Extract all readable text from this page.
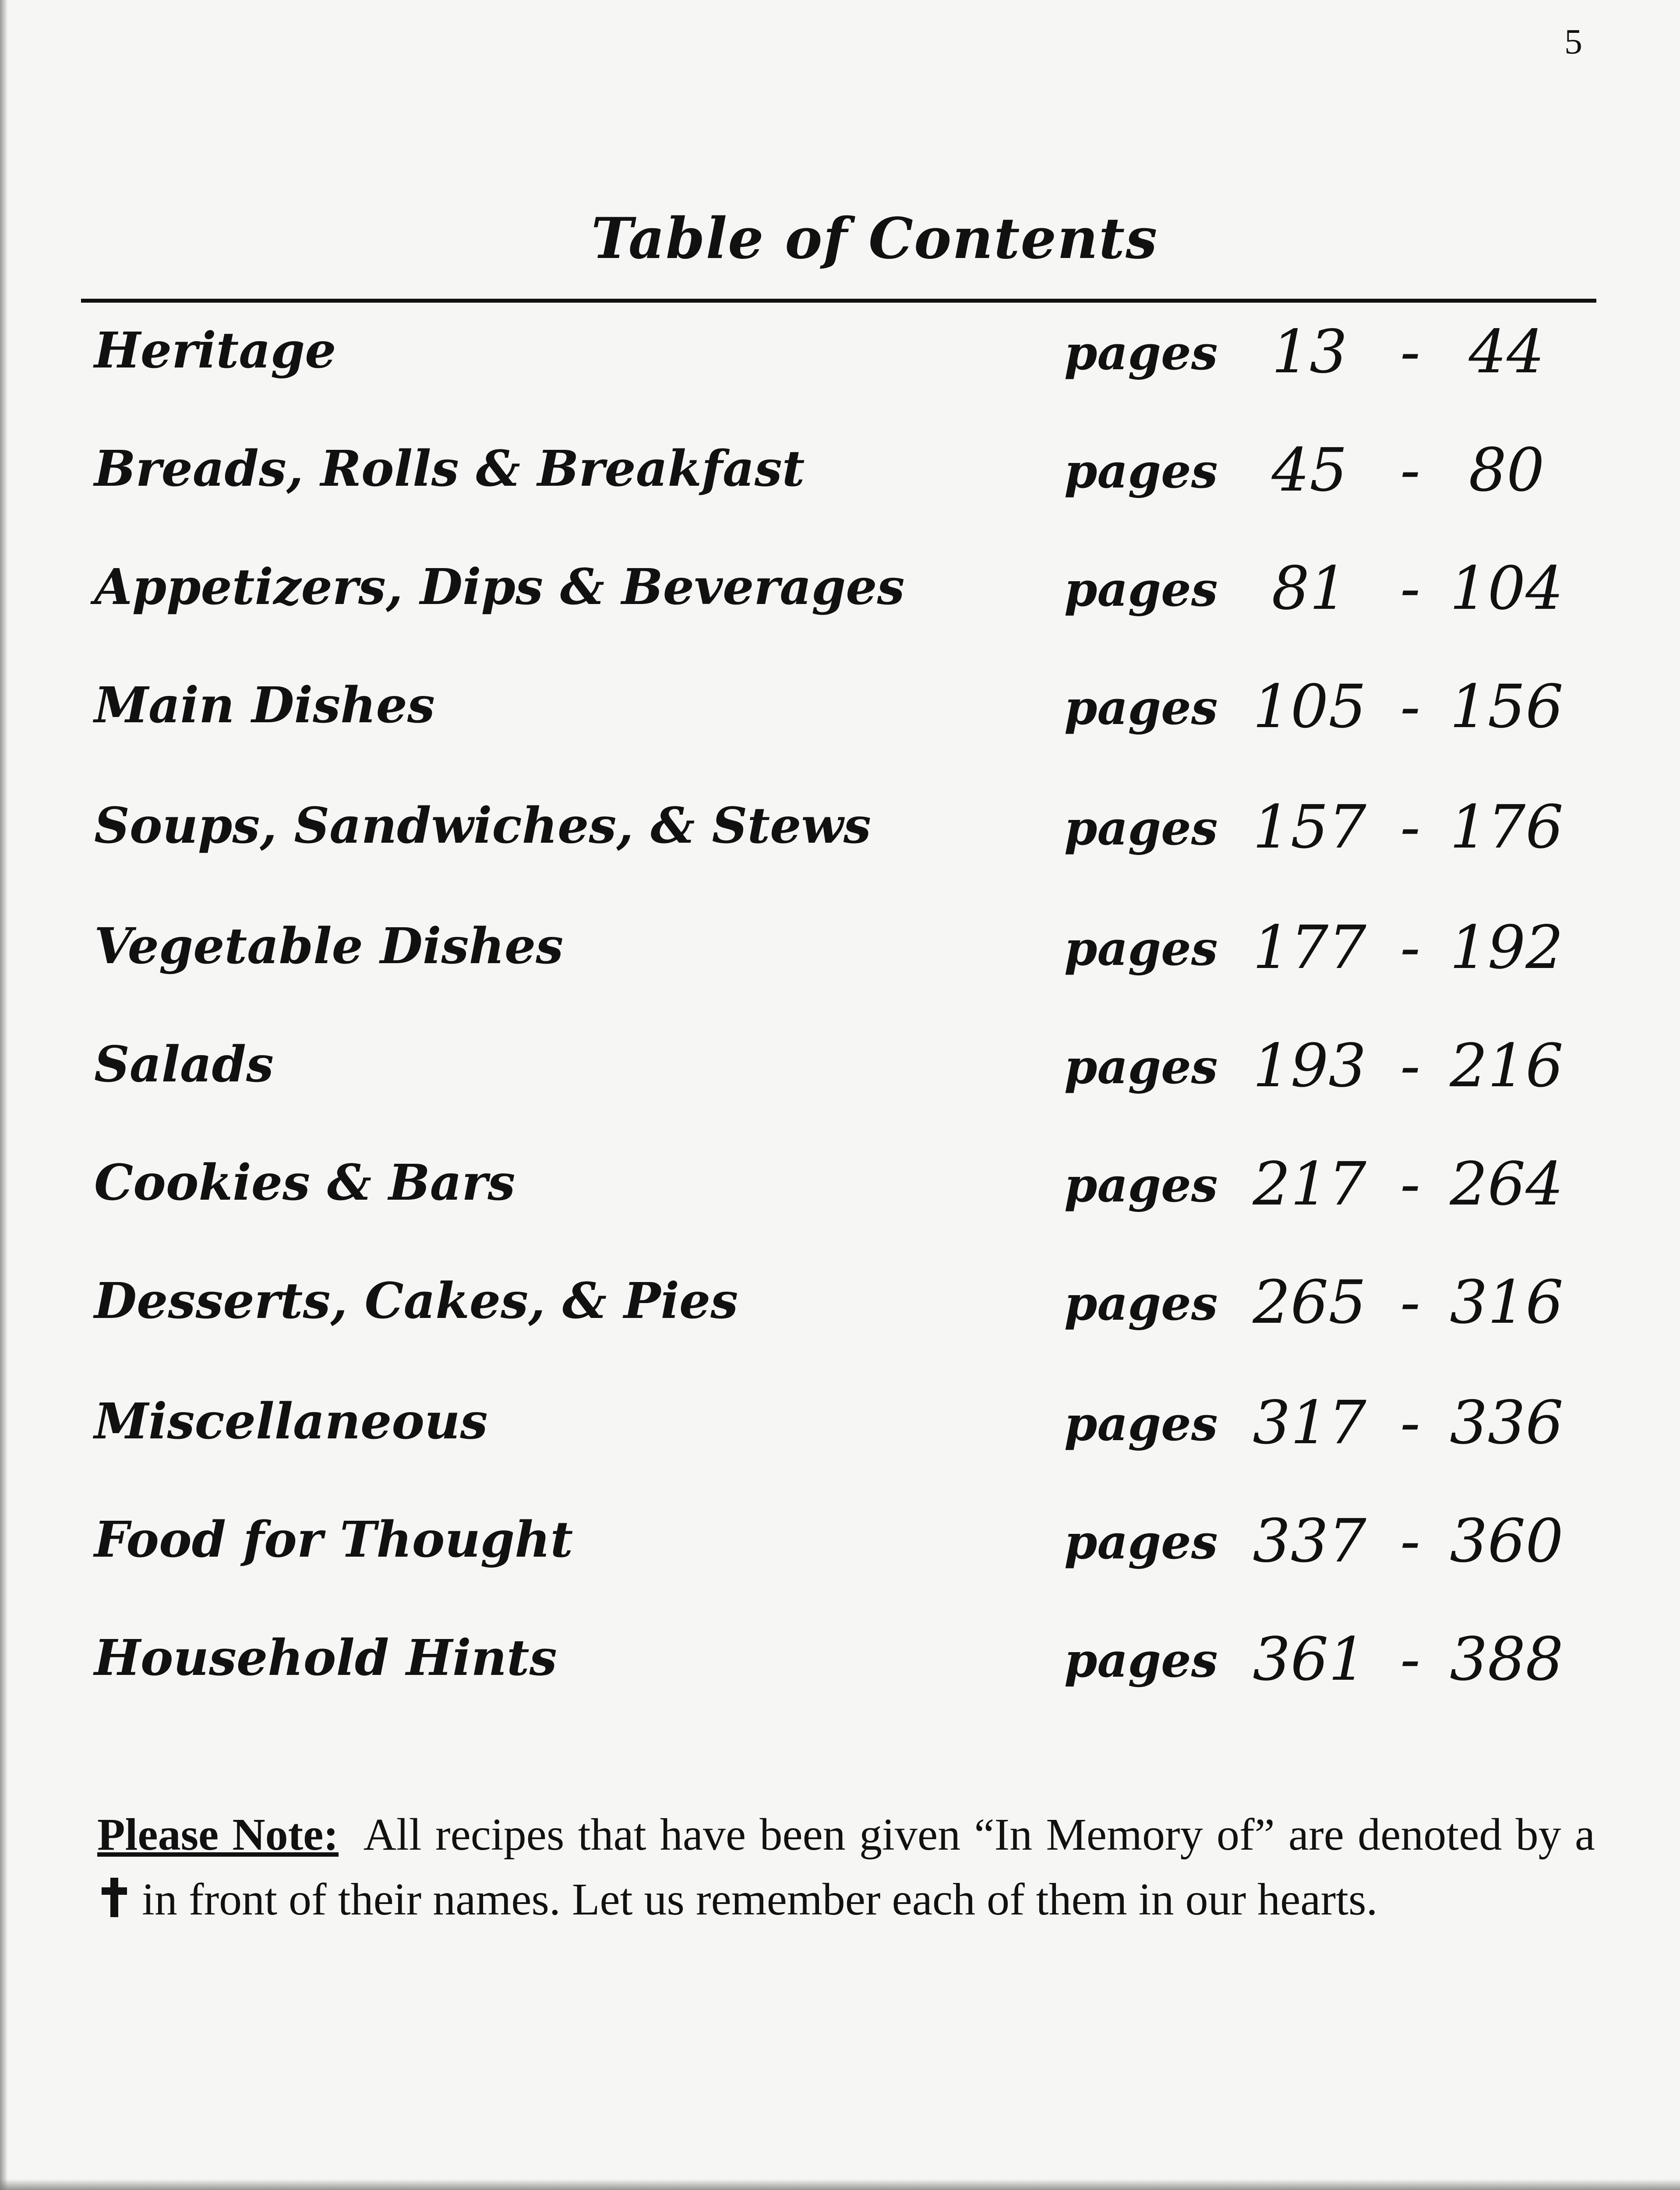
5
Table of Contents
Heritage	pages 13 - 44
Breads, Rolls & Breakfast	pages 45 - 80
Appetizers, Dips & Beverages	pages 81 - 104
Main Dishes	pages 105 - 156
Soups, Sandwiches, & Stews	pages 157 - 176
Vegetable Dishes	pages 177 - 192
Salads	pages 193 - 216
Cookies & Bars	pages 217 - 264
Desserts, Cakes, & Pies	pages 265 - 316
Miscellaneous	pages 317 - 336
Food for Thought	pages 337 - 360
Household Hints	pages 361 - 388
Please Note: All recipes that have been given “In Memory of” are denoted by a  in front of their names. Let us remember each of them in our hearts.
